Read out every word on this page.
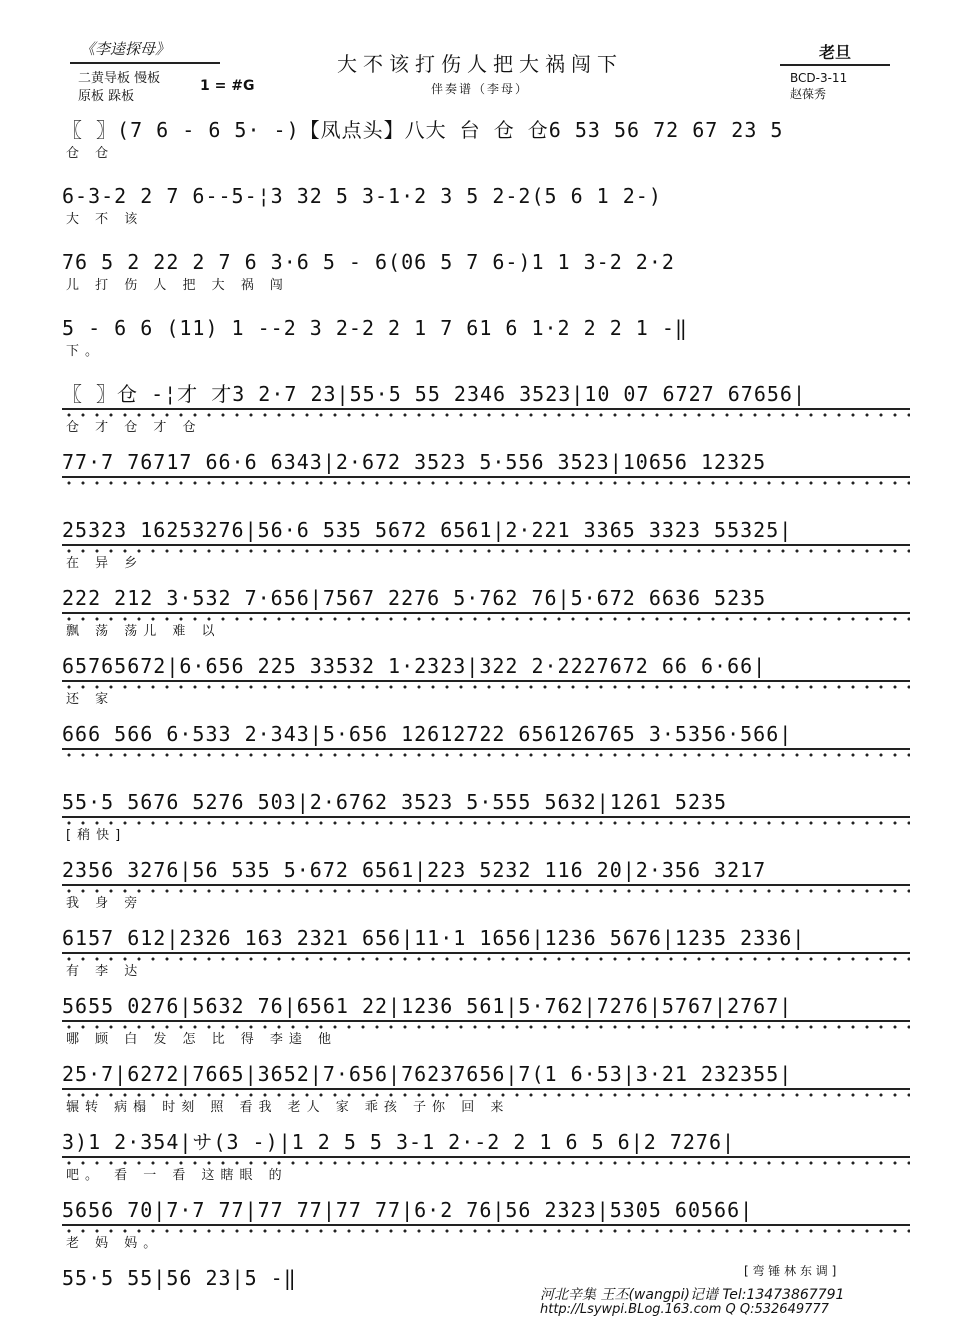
《李逵探母》
二黄导板 慢板
原板 跺板
1 = #G
大不该打伤人把大祸闯下
伴奏谱（李母）
老旦
BCD-3-11
赵葆秀
〖 〗(7 6 - 6 5· -)【凤点头】八大 台 仓 仓6 53 56 72 67 23 5
仓 仓
6-3-2 2 7 6--5-¦3 32 5 3-1·2 3 5 2-2(5 6 1 2-)
大 不 该
76 5 2 22 2 7 6 3·6 5 - 6(06 5 7 6-)1 1 3-2 2·2
儿 打 伤 人 把 大 祸 闯
5 - 6 6 (11) 1 --2 3 2-2 2 1 7 61 6 1·2 2 2 1 -‖
下。
〖 〗仓 -¦才 才3 2·7 23|55·5 55 2346 3523|10 07 6727 67656|
仓 才 仓 才 仓
77·7 76717 66·6 6343|2·672 3523 5·556 3523|10656 12325
25323 16253276|56·6 535 5672 6561|2·221 3365 3323 55325|
在 异 乡
222 212 3·532 7·656|7567 2276 5·762 76|5·672 6636 5235
飘 荡 荡儿 难 以
65765672|6·656 225 33532 1·2323|322 2·2227672 66 6·66|
还 家
666 566 6·533 2·343|5·656 12612722 656126765 3·5356·566|
55·5 5676 5276 503|2·6762 3523 5·555 5632|1261 5235
[稍快]
2356 3276|56 535 5·672 6561|223 5232 116 20|2·356 3217
我 身 旁
6157 612|2326 163 2321 656|11·1 1656|1236 5676|1235 2336|
有 李 达
5655 0276|5632 76|6561 22|1236 561|5·762|7276|5767|2767|
哪 顾 白 发 怎 比 得 李逵 他
25·7|6272|7665|3652|7·656|76237656|7(1 6·53|3·21 232355|
辗转 病榻 时刻 照 看我 老人 家 乖孩 子你 回 来
3)1 2·354|サ(3 -)|1 2 5 5 3-1 2·-2 2 1 6 5 6|2 7276|
吧。 看 一 看 这瞎眼 的
5656 70|7·7 77|77 77|77 77|6·2 76|56 2323|5305 60566|
老 妈 妈。
55·5 55|56 23|5 -‖	[ 弯 锤 林 东 调 ]
河北辛集 王丕(wangpi)记谱 Tel:13473867791
http://Lsywpi.BLog.163.com Q Q:532649777
